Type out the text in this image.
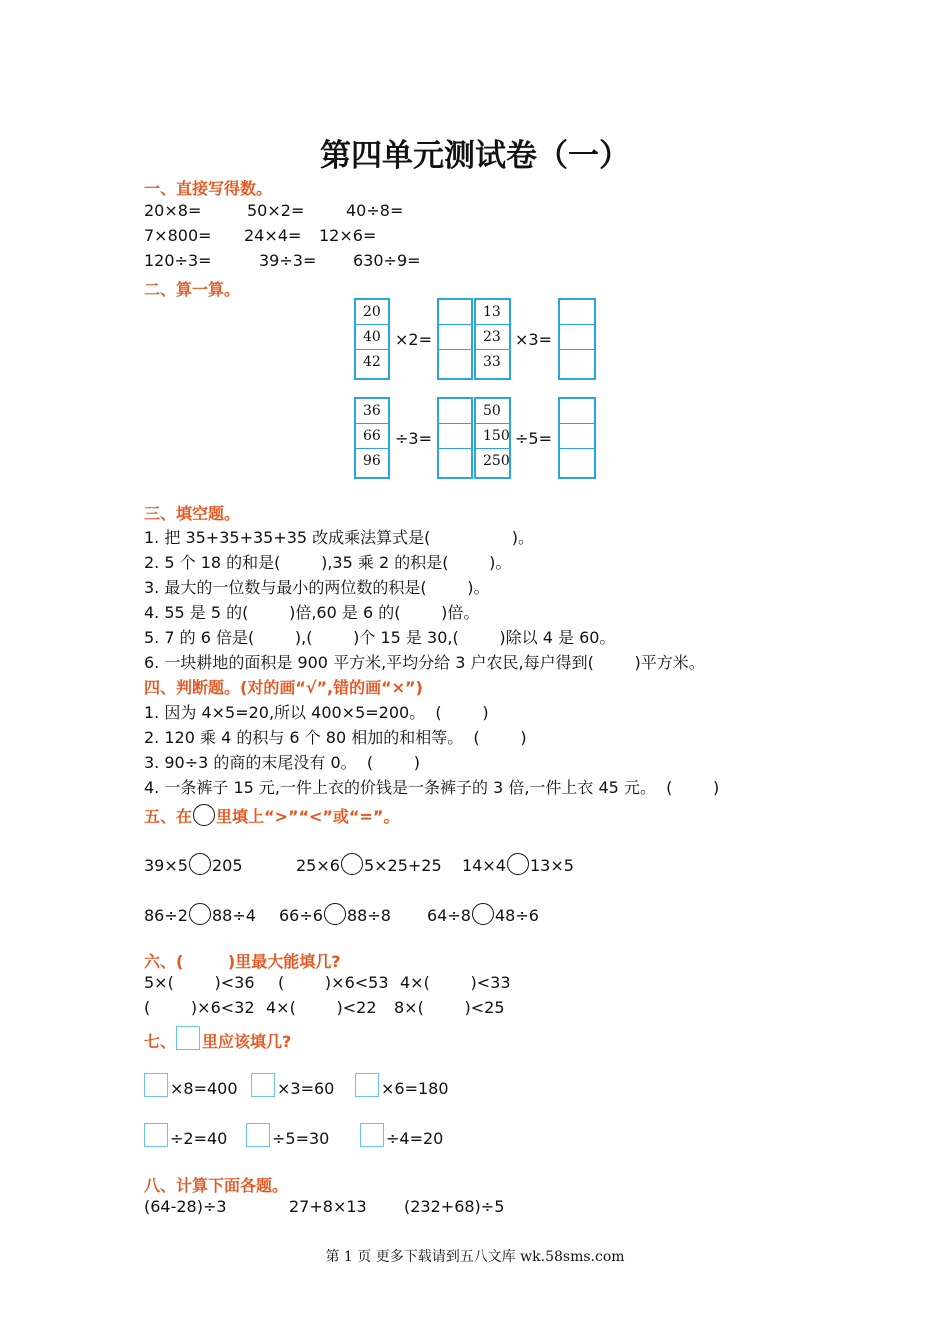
第四单元测试卷（一）
一、直接写得数。
20×8=	50×2=	40÷8=
7×800= 24×4= 12×6=
120÷3=	39÷3= 630÷9=
二、算一算。
20
40
42
×2=
13
23
33
×3=
36
66
96
÷3=
50
150
250
÷5=
三、填空题。
1. 把 35+35+35+35 改成乘法算式是(                )。
2. 5 个 18 的和是(        ),35 乘 2 的积是(        )。
3. 最大的一位数与最小的两位数的积是(        )。
4. 55 是 5 的(        )倍,60 是 6 的(        )倍。
5. 7 的 6 倍是(        ),(        )个 15 是 30,(        )除以 4 是 60。
6. 一块耕地的面积是 900 平方米,平均分给 3 户农民,每户得到(        )平方米。
四、判断题。(对的画“√”,错的画“×”)
1. 因为 4×5=20,所以 400×5=200。  (        )
2. 120 乘 4 的积与 6 个 80 相加的和相等。  (        )
3. 90÷3 的商的末尾没有 0。  (        )
4. 一条裤子 15 元,一件上衣的价钱是一条裤子的 3 倍,一件上衣 45 元。  (        )
五、在 里填上“>”“<”或“=”。
39×5 205	25×6 5×25+25 14×4 13×5
86÷2 88÷4 66÷6 88÷8 64÷8 48÷6
六、(        )里最大能填几?
5×(        )<36 (        )×6<53 4×(        )<33
(        )×6<32 4×(        )<22 8×(        )<25
七、 里应该填几?
×8=400	×3=60	×6=180
÷2=40	÷5=30	÷4=20
八、计算下面各题。
(64-28)÷3	27+8×13 (232+68)÷5
第 1 页 更多下载请到五八文库 wk.58sms.com
